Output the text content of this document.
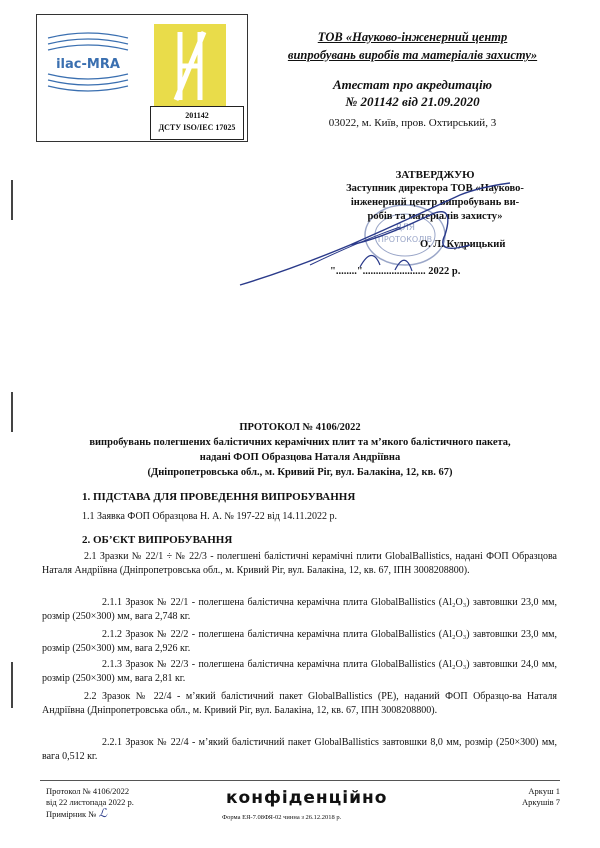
ilac-MRA
201142
ДСТУ ISO/IEC 17025
ТОВ «Науково-інженерний центр
випробувань виробів та матеріалів захисту»
Атестат про акредитацію
№ 201142 від 21.09.2020
03022, м. Київ, пров. Охтирський, 3
ДЛЯ
ПРОТОКОЛІВ
ЗАТВЕРДЖУЮ
Заступник директора ТОВ «Науково-
інженерний центр випробувань ви-
робів та матеріалів захисту»
О. Л. Кудрицький
"........"........................ 2022 р.
ПРОТОКОЛ № 4106/2022
випробувань полегшених балістичних керамічних плит та м’якого балістичного пакета,
надані ФОП Образцова Наталя Андріївна
(Дніпропетровська обл., м. Кривий Ріг, вул. Балакіна, 12, кв. 67)
1. ПІДСТАВА ДЛЯ ПРОВЕДЕННЯ ВИПРОБУВАННЯ
1.1 Заявка ФОП Образцова Н. А. № 197-22 від 14.11.2022 р.
2. ОБ’ЄКТ ВИПРОБУВАННЯ
2.1 Зразки № 22/1 ÷ № 22/3 - полегшені балістичні керамічні плити GlobalBallistics, надані ФОП Образцова Наталя Андріївна (Дніпропетровська обл., м. Кривий Ріг, вул. Балакіна, 12, кв. 67, ІПН 3008208800).
2.1.1 Зразок № 22/1 - полегшена балістична керамічна плита GlobalBallistics (Al₂O₃) завтовшки 23,0 мм, розмір (250×300) мм, вага 2,748 кг.
2.1.2 Зразок № 22/2 - полегшена балістична керамічна плита GlobalBallistics (Al₂O₃) завтовшки 23,0 мм, розмір (250×300) мм, вага 2,926 кг.
2.1.3 Зразок № 22/3 - полегшена балістична керамічна плита GlobalBallistics (Al₂O₃) завтовшки 24,0 мм, розмір (250×300) мм, вага 2,81 кг.
2.2 Зразок № 22/4 - м’який балістичний пакет GlobalBallistics (PE), наданий ФОП Образцо-ва Наталя Андріївна (Дніпропетровська обл., м. Кривий Ріг, вул. Балакіна, 12, кв. 67, ІПН 3008208800).
2.2.1 Зразок № 22/4 - м’який балістичний пакет GlobalBallistics завтовшки 8,0 мм, розмір (250×300) мм, вага 0,512 кг.
Протокол № 4106/2022
від 22 листопада 2022 р.
Примірник № ℒ
конфіденційно
Форма ЕЯ-7.08ФЯ-02 чинна з 26.12.2018 р.
Аркуш 1
Аркушів 7
